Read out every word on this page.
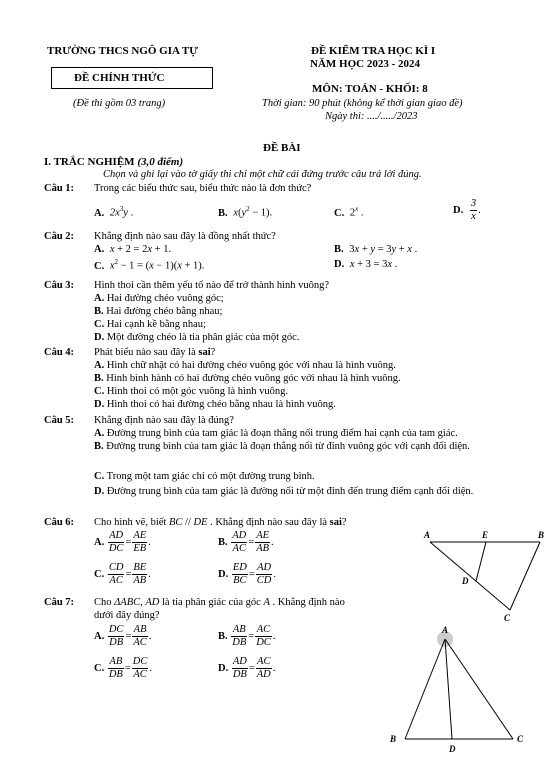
TRƯỜNG THCS NGÔ GIA TỰ
ĐỀ CHÍNH THỨC
(Đề thi gồm 03 trang)
ĐỀ KIỂM TRA HỌC KÌ I
NĂM HỌC 2023 - 2024
MÔN: TOÁN - KHỐI: 8
Thời gian: 90 phút (không kể thời gian giao đề)
Ngày thi: ..../...../2023
ĐỀ BÀI
I. TRẮC NGHIỆM (3,0 điểm)
Chọn và ghi lại vào tờ giấy thi chỉ một chữ cái đứng trước câu trả lời đúng.
Câu 1: Trong các biểu thức sau, biểu thức nào là đơn thức?
A. $2x^3y$ .	B. $x(y^2 - 1)$.	C. 2$^x$ .	D. $\frac{3}{x}$ .
Câu 2: Khẳng định nào sau đây là đồng nhất thức?
A. x + 2 = 2x + 1.	B. 3x + y = 3y + x .
C. $x^2 - 1 = (x - 1)(x + 1)$.	D. x + 3 = 3x .
Câu 3: Hình thoi cần thêm yếu tố nào để trở thành hình vuông?
A. Hai đường chéo vuông góc;
B. Hai đường chéo bằng nhau;
C. Hai cạnh kề bằng nhau;
D. Một đường chéo là tia phân giác của một góc.
Câu 4: Phát biểu nào sau đây là sai?
A. Hình chữ nhật có hai đường chéo vuông góc với nhau là hình vuông.
B. Hình bình hành có hai đường chéo vuông góc với nhau là hình vuông.
C. Hình thoi có một góc vuông là hình vuông.
D. Hình thoi có hai đường chéo bằng nhau là hình vuông.
Câu 5: Khẳng định nào sau đây là đúng?
A. Đường trung bình của tam giác là đoạn thẳng nối trung điểm hai cạnh của tam giác.
B. Đường trung bình của tam giác là đoạn thẳng nối từ đỉnh vuông góc với cạnh đối diện.
C. Trong một tam giác chỉ có một đường trung bình.
D. Đường trung bình của tam giác là đường nối từ một đỉnh đến trung điểm cạnh đối diện.
Câu 6: Cho hình vẽ, biết BC // DE . Khẳng định nào sau đây là sai?
A. $\frac{AD}{DC} = \frac{AE}{EB}$ .	B. $\frac{AD}{AC} = \frac{AE}{AB}$ .
C. $\frac{CD}{AC} = \frac{BE}{AB}$ .	D. $\frac{ED}{BC} = \frac{AD}{CD}$ .
A	E	B
D
C
Câu 7: Cho ΔABC, AD là tia phân giác của góc A . Khẳng định nào
dưới đây đúng?
A. $\frac{DC}{DB} = \frac{AB}{AC}$ .	B. $\frac{AB}{DB} = \frac{AC}{DC}$ .
C. $\frac{AB}{DB} = \frac{DC}{AC}$ .	D. $\frac{AD}{DB} = \frac{AC}{AD}$ .
A
B
D
C
